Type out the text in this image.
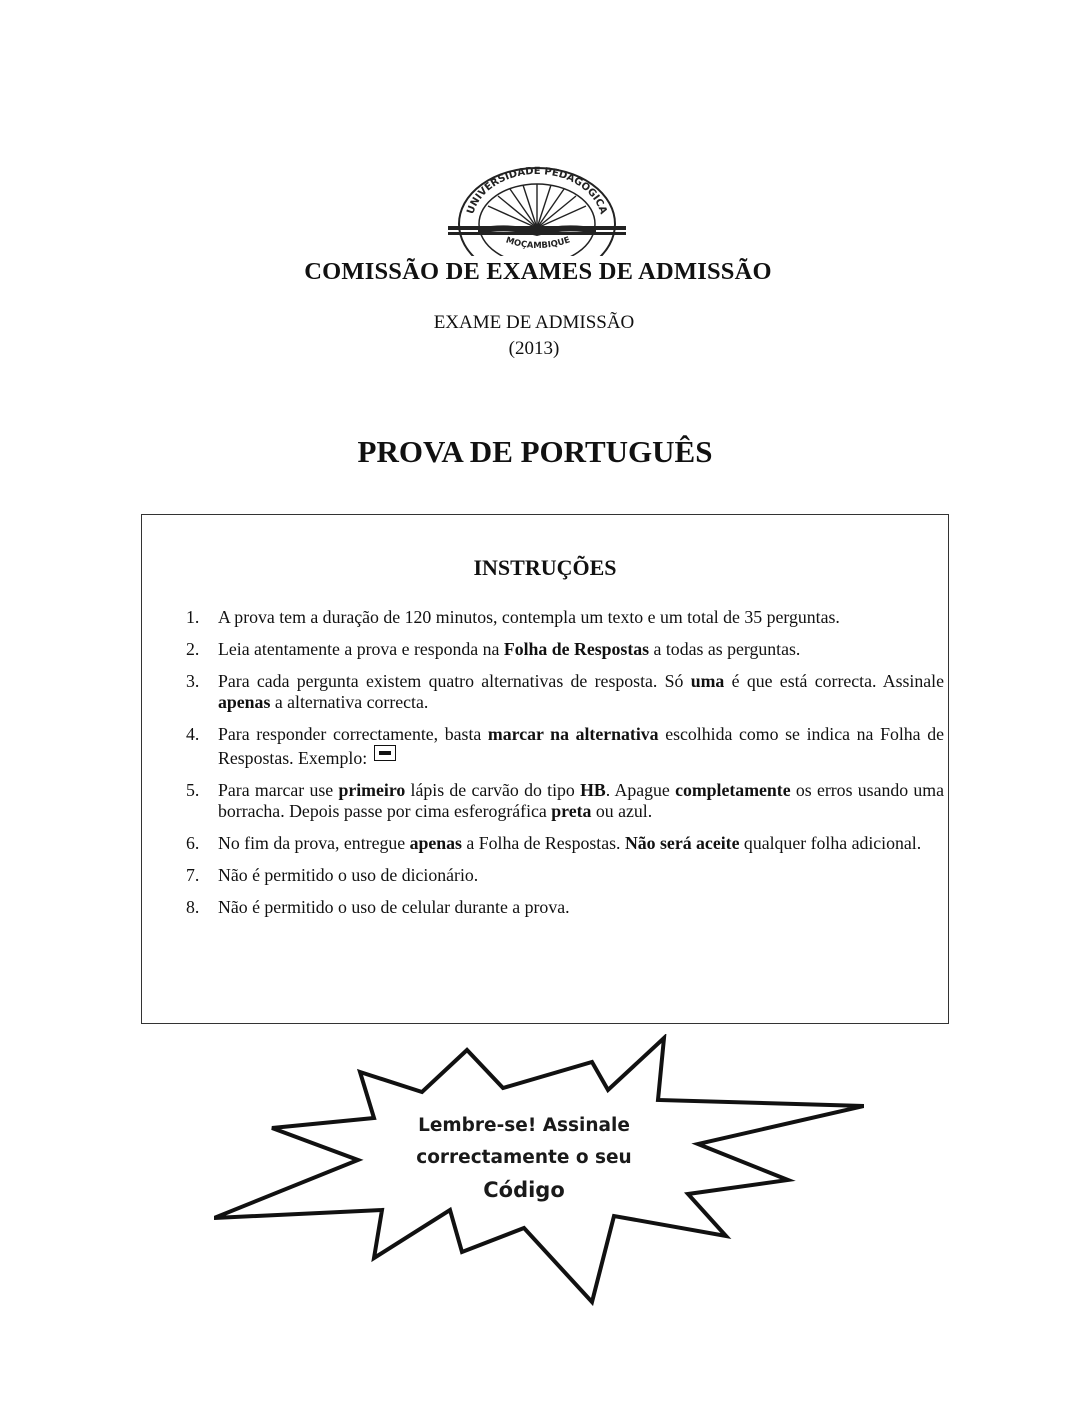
UNIVERSIDADE PEDAGÓGICA
MOÇAMBIQUE
COMISSÃO DE EXAMES DE ADMISSÃO
EXAME DE ADMISSÃO
(2013)
PROVA DE PORTUGUÊS
INSTRUÇÕES
1. A prova tem a duração de 120 minutos, contempla um texto e um total de 35 perguntas.
2. Leia atentamente a prova e responda na Folha de Respostas a todas as perguntas.
3. Para cada pergunta existem quatro alternativas de resposta. Só uma é que está correcta. Assinale apenas a alternativa correcta.
4. Para responder correctamente, basta marcar na alternativa escolhida como se indica na Folha de Respostas. Exemplo:
5. Para marcar use primeiro lápis de carvão do tipo HB. Apague completamente os erros usando uma borracha. Depois passe por cima esferográfica preta ou azul.
6. No fim da prova, entregue apenas a Folha de Respostas. Não será aceite qualquer folha adicional.
7. Não é permitido o uso de dicionário.
8. Não é permitido o uso de celular durante a prova.
Lembre-se! Assinale
correctamente o seu
Código
